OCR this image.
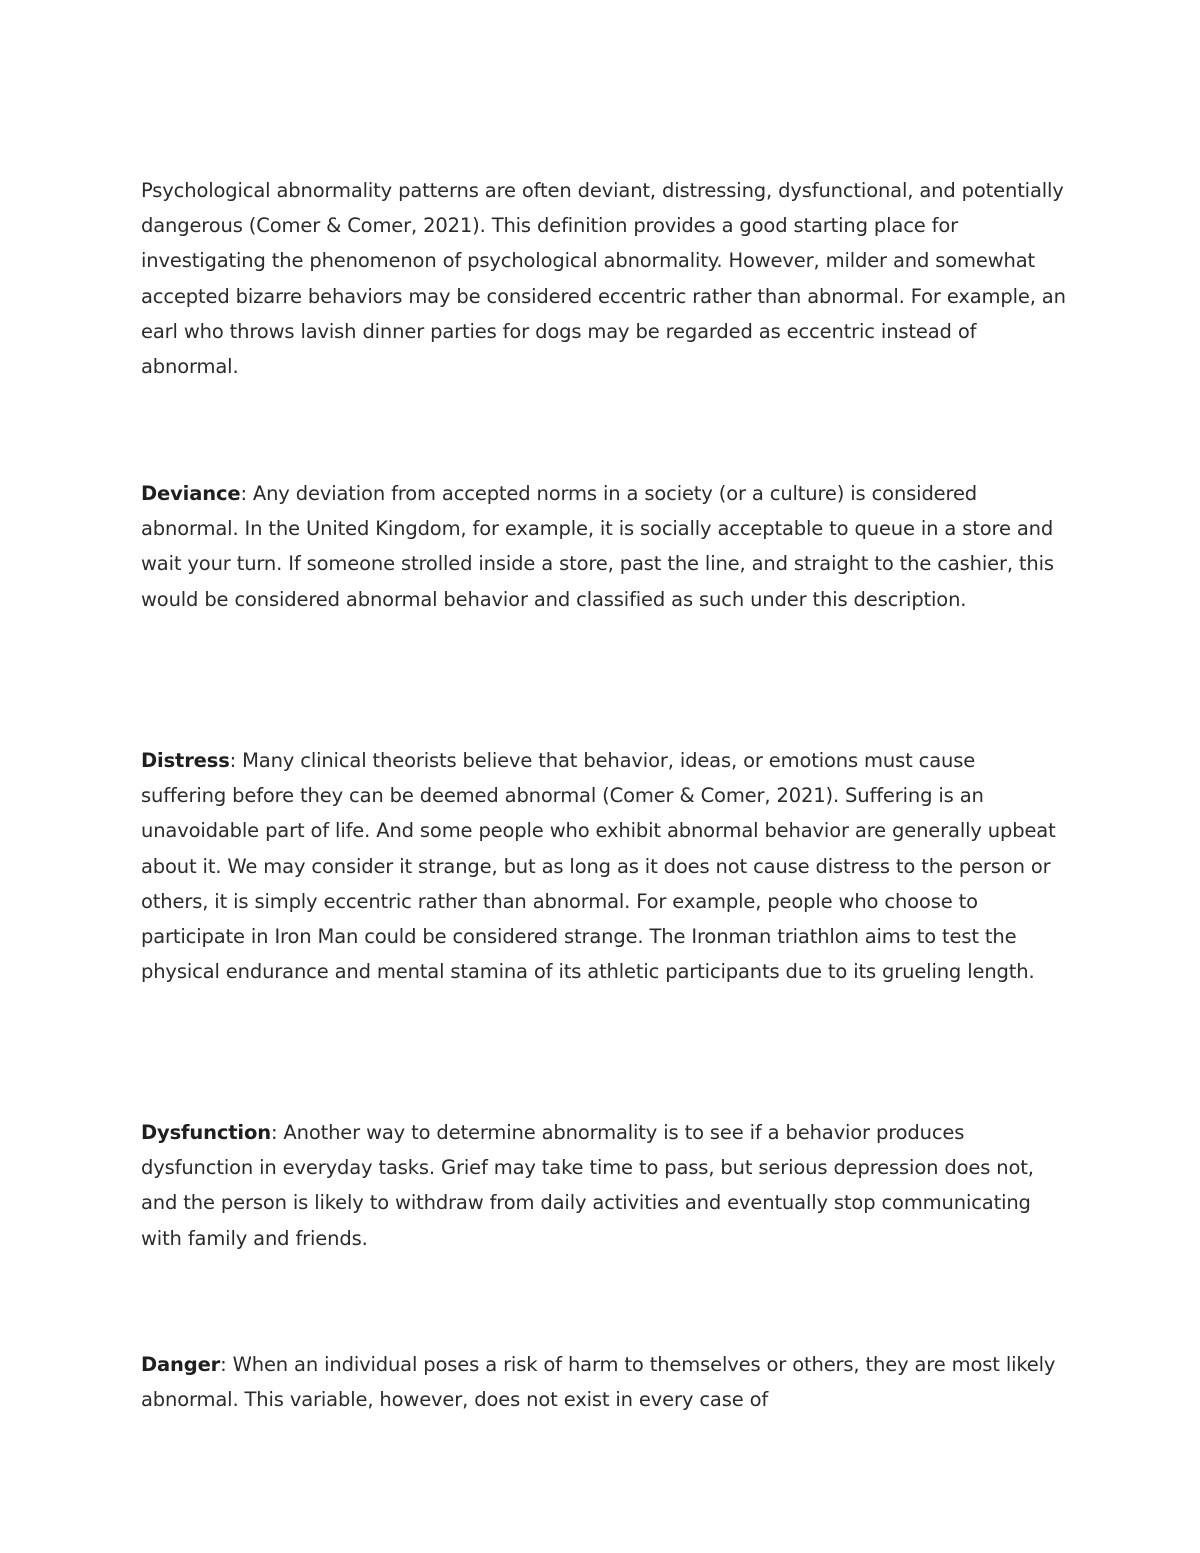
Psychological abnormality patterns are often deviant, distressing, dysfunctional, and potentially dangerous (Comer & Comer, 2021). This definition provides a good starting place for investigating the phenomenon of psychological abnormality. However, milder and somewhat accepted bizarre behaviors may be considered eccentric rather than abnormal. For example, an earl who throws lavish dinner parties for dogs may be regarded as eccentric instead of abnormal.

Deviance: Any deviation from accepted norms in a society (or a culture) is considered abnormal. In the United Kingdom, for example, it is socially acceptable to queue in a store and wait your turn. If someone strolled inside a store, past the line, and straight to the cashier, this would be considered abnormal behavior and classified as such under this description.

Distress: Many clinical theorists believe that behavior, ideas, or emotions must cause suffering before they can be deemed abnormal (Comer & Comer, 2021). Suffering is an unavoidable part of life. And some people who exhibit abnormal behavior are generally upbeat about it. We may consider it strange, but as long as it does not cause distress to the person or others, it is simply eccentric rather than abnormal. For example, people who choose to participate in Iron Man could be considered strange. The Ironman triathlon aims to test the physical endurance and mental stamina of its athletic participants due to its grueling length.

Dysfunction: Another way to determine abnormality is to see if a behavior produces dysfunction in everyday tasks. Grief may take time to pass, but serious depression does not, and the person is likely to withdraw from daily activities and eventually stop communicating with family and friends.

Danger: When an individual poses a risk of harm to themselves or others, they are most likely abnormal. This variable, however, does not exist in every case of
